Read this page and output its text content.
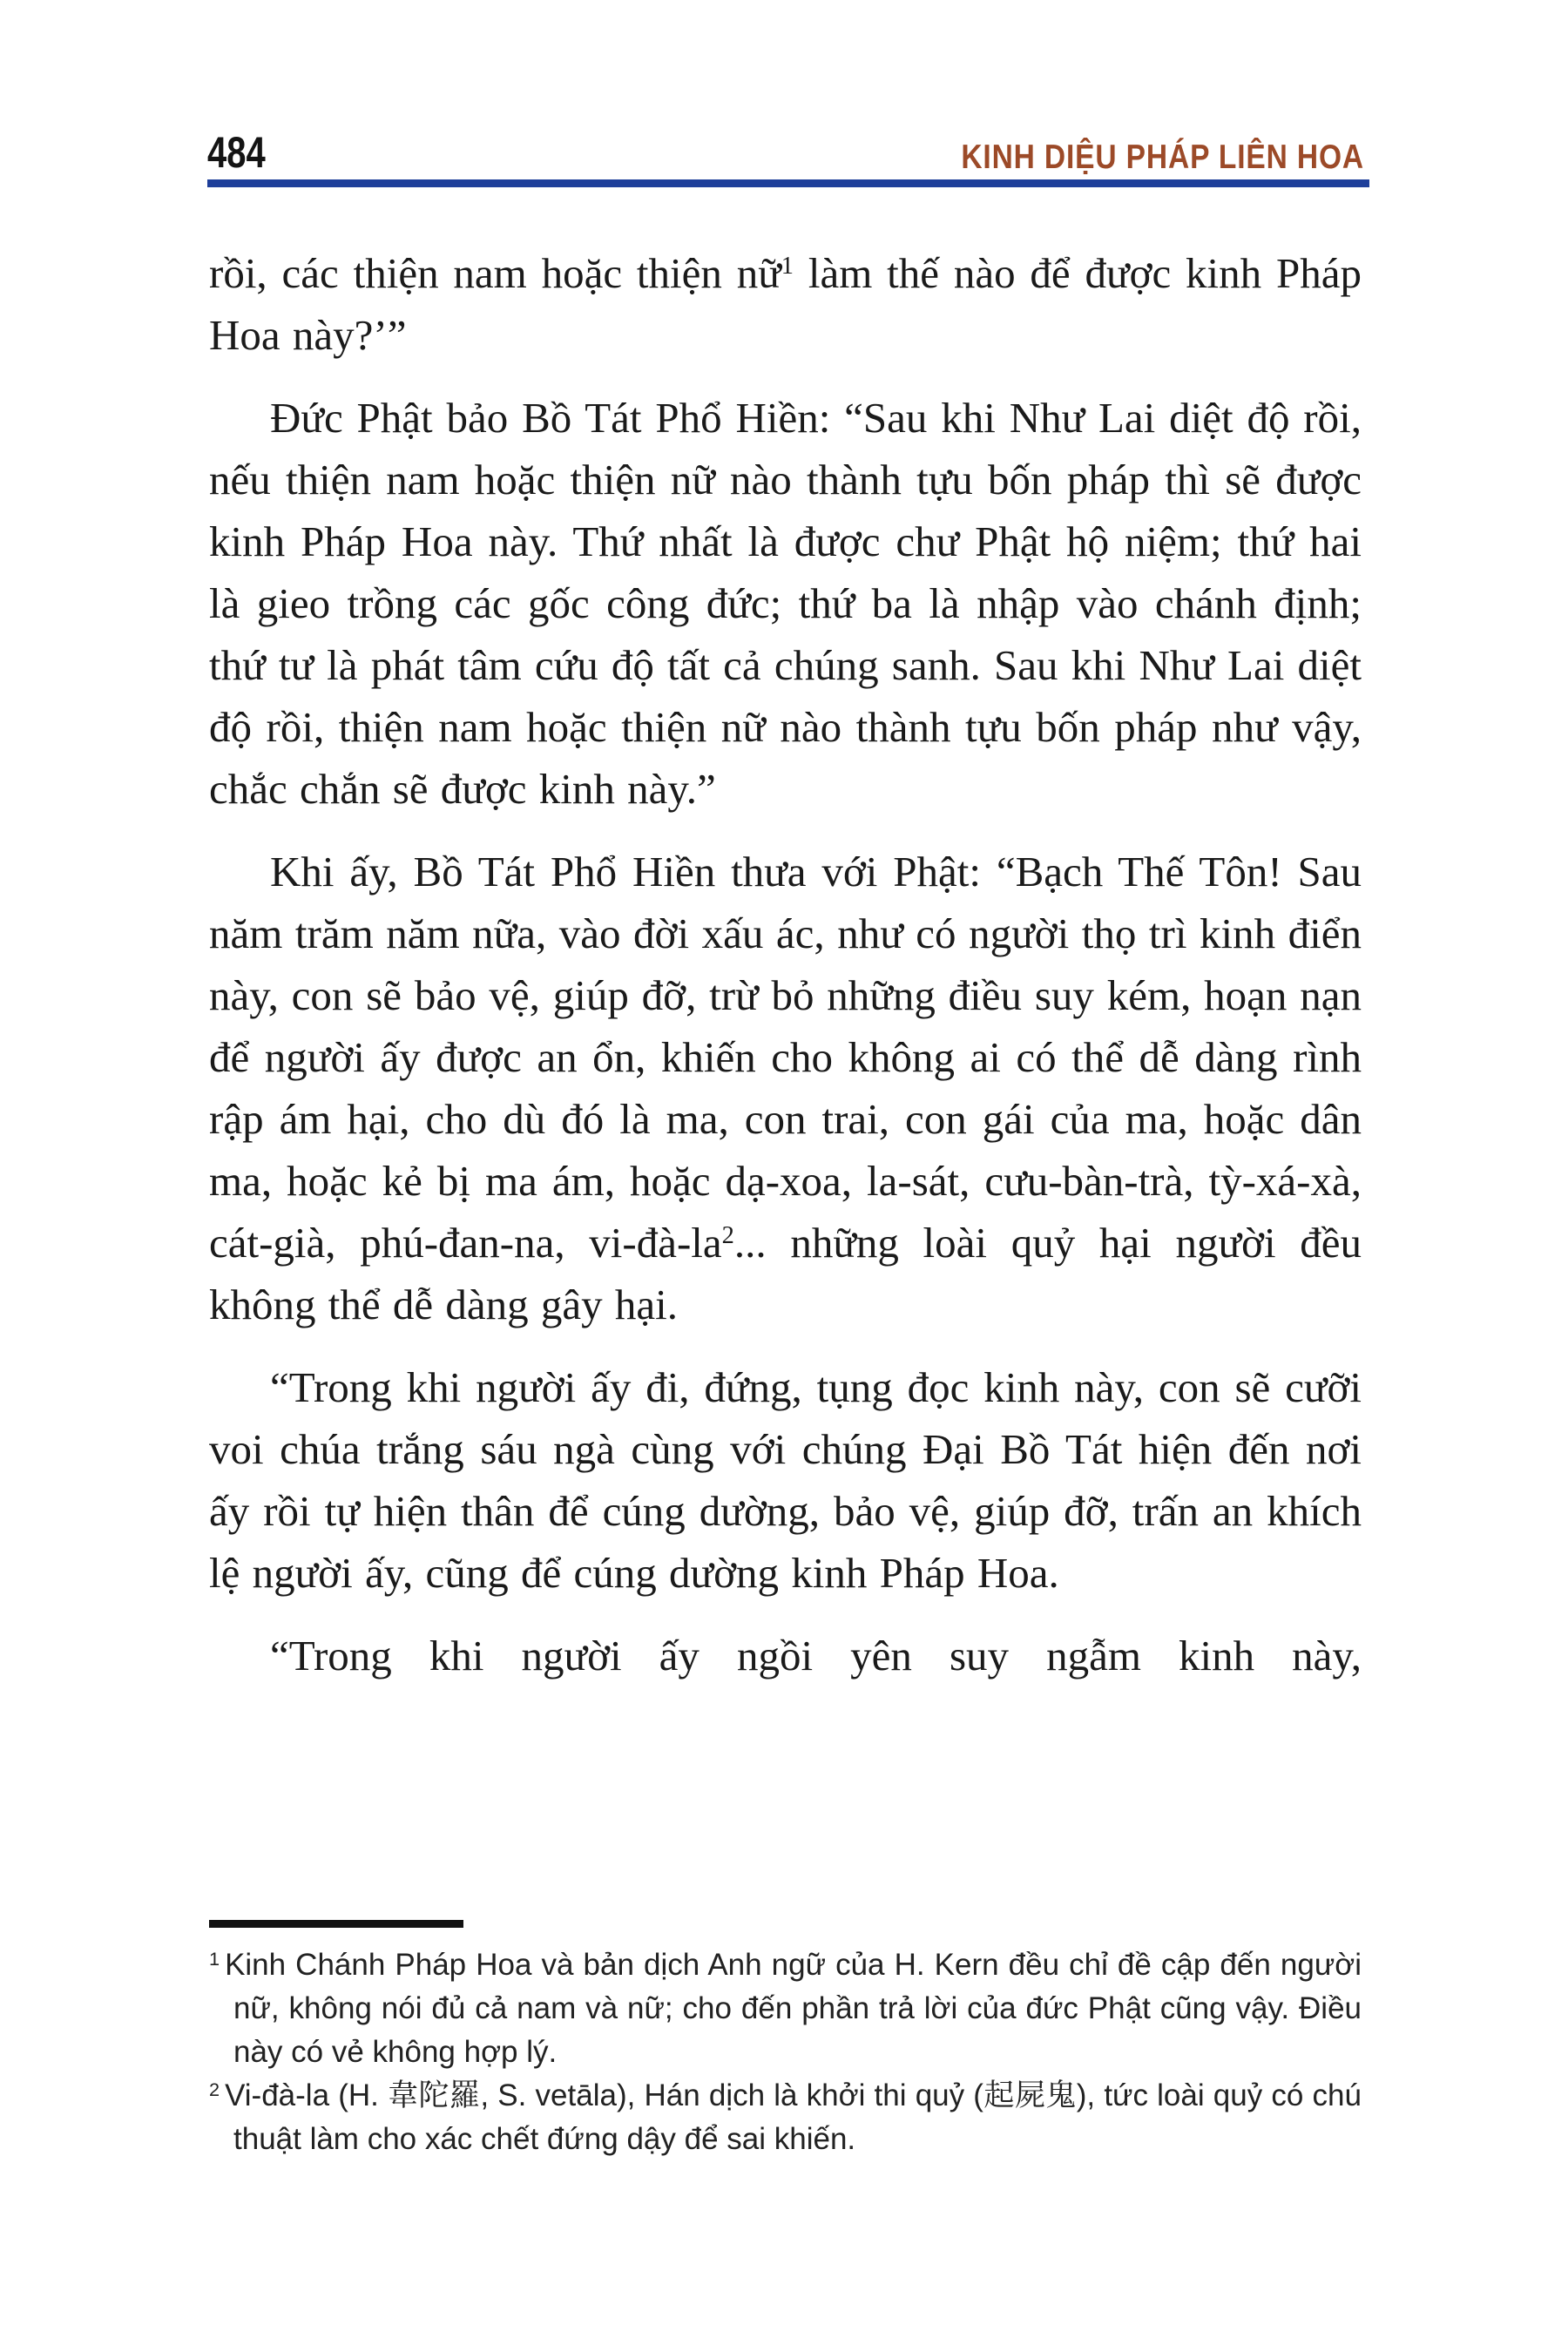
484	KINH DIỆU PHÁP LIÊN HOA

rồi, các thiện nam hoặc thiện nữ$^1$ làm thế nào để được kinh Pháp Hoa này?’”

Đức Phật bảo Bồ Tát Phổ Hiền: “Sau khi Như Lai diệt độ rồi, nếu thiện nam hoặc thiện nữ nào thành tựu bốn pháp thì sẽ được kinh Pháp Hoa này. Thứ nhất là được chư Phật hộ niệm; thứ hai là gieo trồng các gốc công đức; thứ ba là nhập vào chánh định; thứ tư là phát tâm cứu độ tất cả chúng sanh. Sau khi Như Lai diệt độ rồi, thiện nam hoặc thiện nữ nào thành tựu bốn pháp như vậy, chắc chắn sẽ được kinh này.”

Khi ấy, Bồ Tát Phổ Hiền thưa với Phật: “Bạch Thế Tôn! Sau năm trăm năm nữa, vào đời xấu ác, như có người thọ trì kinh điển này, con sẽ bảo vệ, giúp đỡ, trừ bỏ những điều suy kém, hoạn nạn để người ấy được an ổn, khiến cho không ai có thể dễ dàng rình rập ám hại, cho dù đó là ma, con trai, con gái của ma, hoặc dân ma, hoặc kẻ bị ma ám, hoặc dạ-xoa, la-sát, cưu-bàn-trà, tỳ-xá-xà, cát-già, phú-đan-na, $vi-đà-la^2$... những loài quỷ hại người đều không thể dễ dàng gây hại.

“Trong khi người ấy đi, đứng, tụng đọc kinh này, con sẽ cưỡi voi chúa trắng sáu ngà cùng với chúng Đại Bồ Tát hiện đến nơi ấy rồi tự hiện thân để cúng dường, bảo vệ, giúp đỡ, trấn an khích lệ người ấy, cũng để cúng dường kinh Pháp Hoa.

“Trong khi người ấy ngồi yên suy ngẫm kinh này,

$^1$ Kinh Chánh Pháp Hoa và bản dịch Anh ngữ của H. Kern đều chỉ đề cập đến người nữ, không nói đủ cả nam và nữ; cho đến phần trả lời của đức Phật cũng vậy. Điều này có vẻ không hợp lý.

$^2$ Vi-đà-la (H. 韋陀羅, S. vetāla), Hán dịch là khởi thi quỷ (起屍鬼), tức loài quỷ có chú thuật làm cho xác chết đứng dậy để sai khiến.
